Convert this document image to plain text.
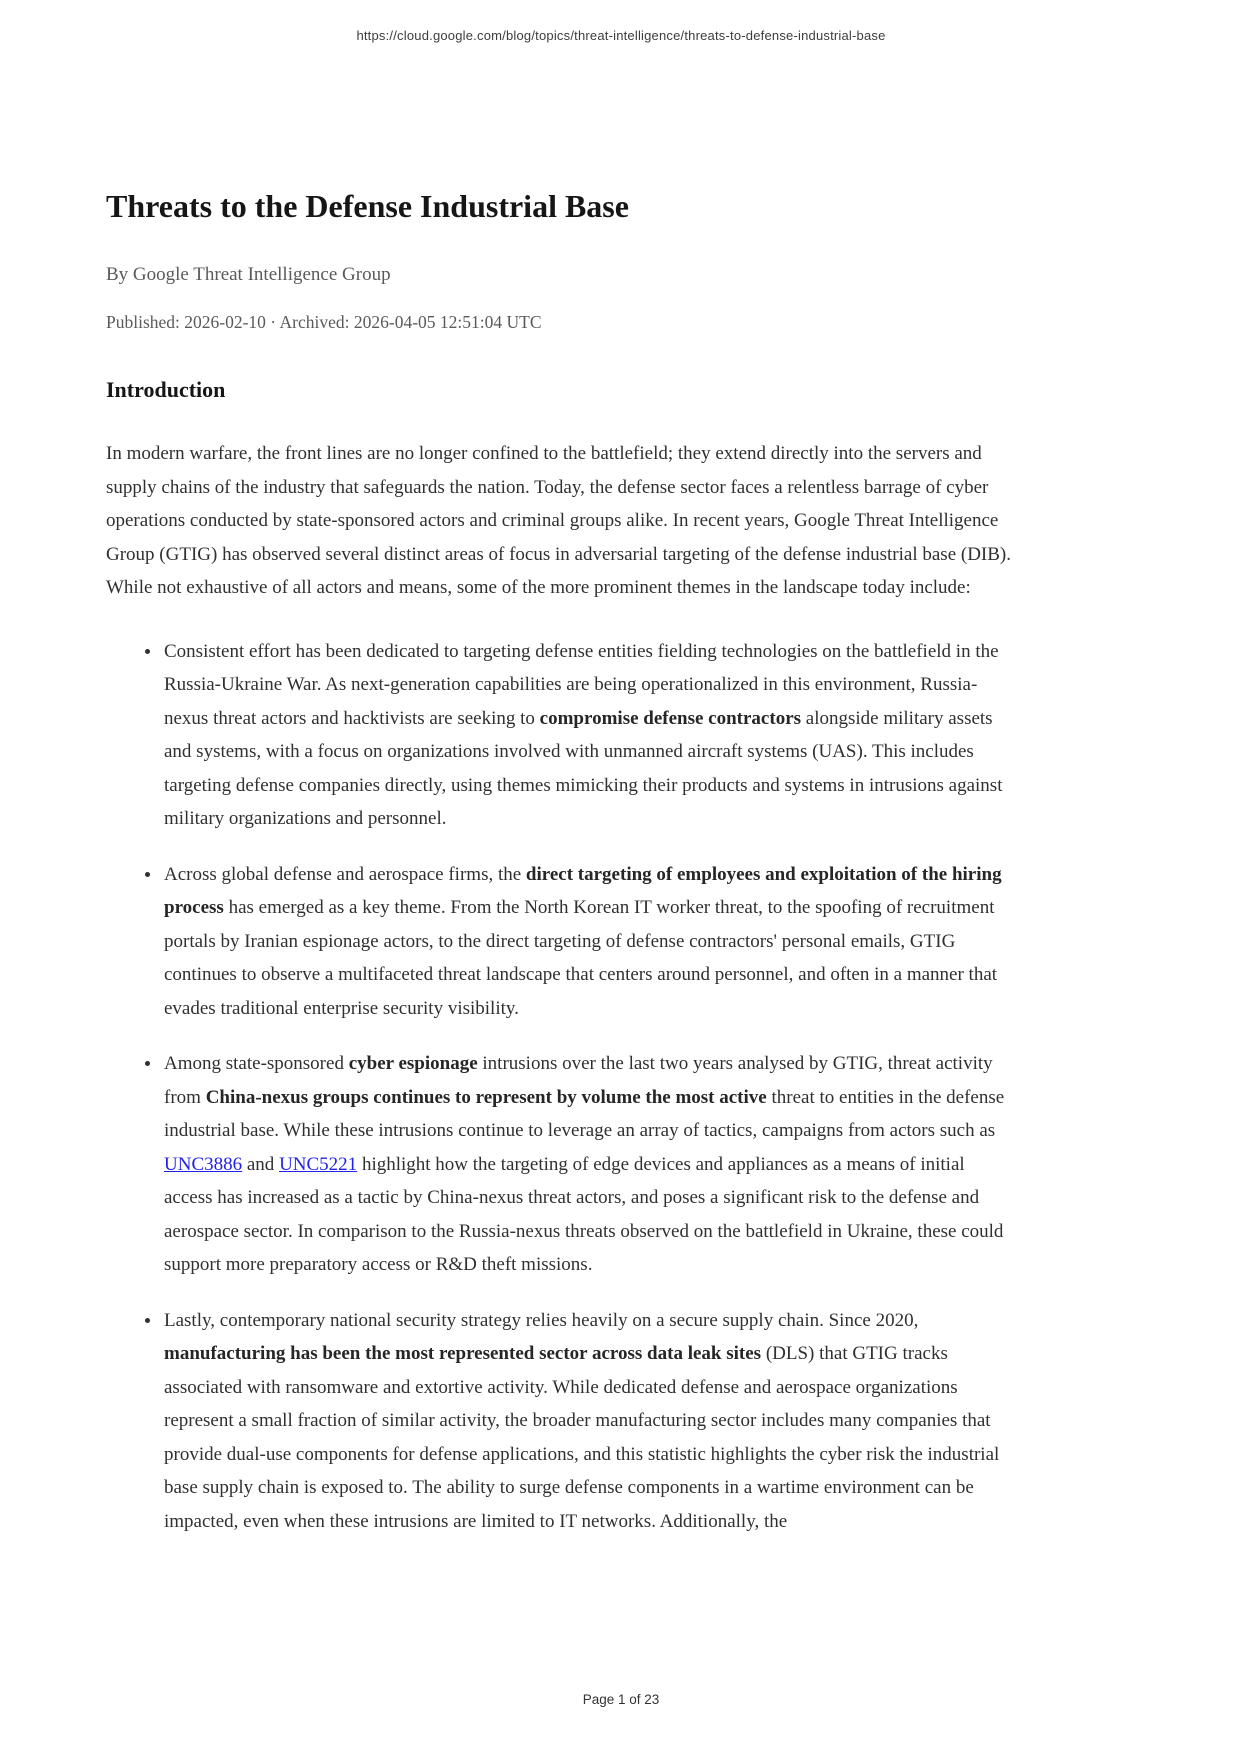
https://cloud.google.com/blog/topics/threat-intelligence/threats-to-defense-industrial-base
Threats to the Defense Industrial Base

By Google Threat Intelligence Group

Published: 2026-02-10 · Archived: 2026-04-05 12:51:04 UTC

Introduction

In modern warfare, the front lines are no longer confined to the battlefield; they extend directly into the servers and supply chains of the industry that safeguards the nation. Today, the defense sector faces a relentless barrage of cyber operations conducted by state-sponsored actors and criminal groups alike. In recent years, Google Threat Intelligence Group (GTIG) has observed several distinct areas of focus in adversarial targeting of the defense industrial base (DIB). While not exhaustive of all actors and means, some of the more prominent themes in the landscape today include:

• Consistent effort has been dedicated to targeting defense entities fielding technologies on the battlefield in the Russia-Ukraine War. As next-generation capabilities are being operationalized in this environment, Russia-nexus threat actors and hacktivists are seeking to compromise defense contractors alongside military assets and systems, with a focus on organizations involved with unmanned aircraft systems (UAS). This includes targeting defense companies directly, using themes mimicking their products and systems in intrusions against military organizations and personnel.
• Across global defense and aerospace firms, the direct targeting of employees and exploitation of the hiring process has emerged as a key theme. From the North Korean IT worker threat, to the spoofing of recruitment portals by Iranian espionage actors, to the direct targeting of defense contractors' personal emails, GTIG continues to observe a multifaceted threat landscape that centers around personnel, and often in a manner that evades traditional enterprise security visibility.
• Among state-sponsored cyber espionage intrusions over the last two years analysed by GTIG, threat activity from China-nexus groups continues to represent by volume the most active threat to entities in the defense industrial base. While these intrusions continue to leverage an array of tactics, campaigns from actors such as UNC3886 and UNC5221 highlight how the targeting of edge devices and appliances as a means of initial access has increased as a tactic by China-nexus threat actors, and poses a significant risk to the defense and aerospace sector. In comparison to the Russia-nexus threats observed on the battlefield in Ukraine, these could support more preparatory access or R&D theft missions.
• Lastly, contemporary national security strategy relies heavily on a secure supply chain. Since 2020, manufacturing has been the most represented sector across data leak sites (DLS) that GTIG tracks associated with ransomware and extortive activity. While dedicated defense and aerospace organizations represent a small fraction of similar activity, the broader manufacturing sector includes many companies that provide dual-use components for defense applications, and this statistic highlights the cyber risk the industrial base supply chain is exposed to. The ability to surge defense components in a wartime environment can be impacted, even when these intrusions are limited to IT networks. Additionally, the
Page 1 of 23
